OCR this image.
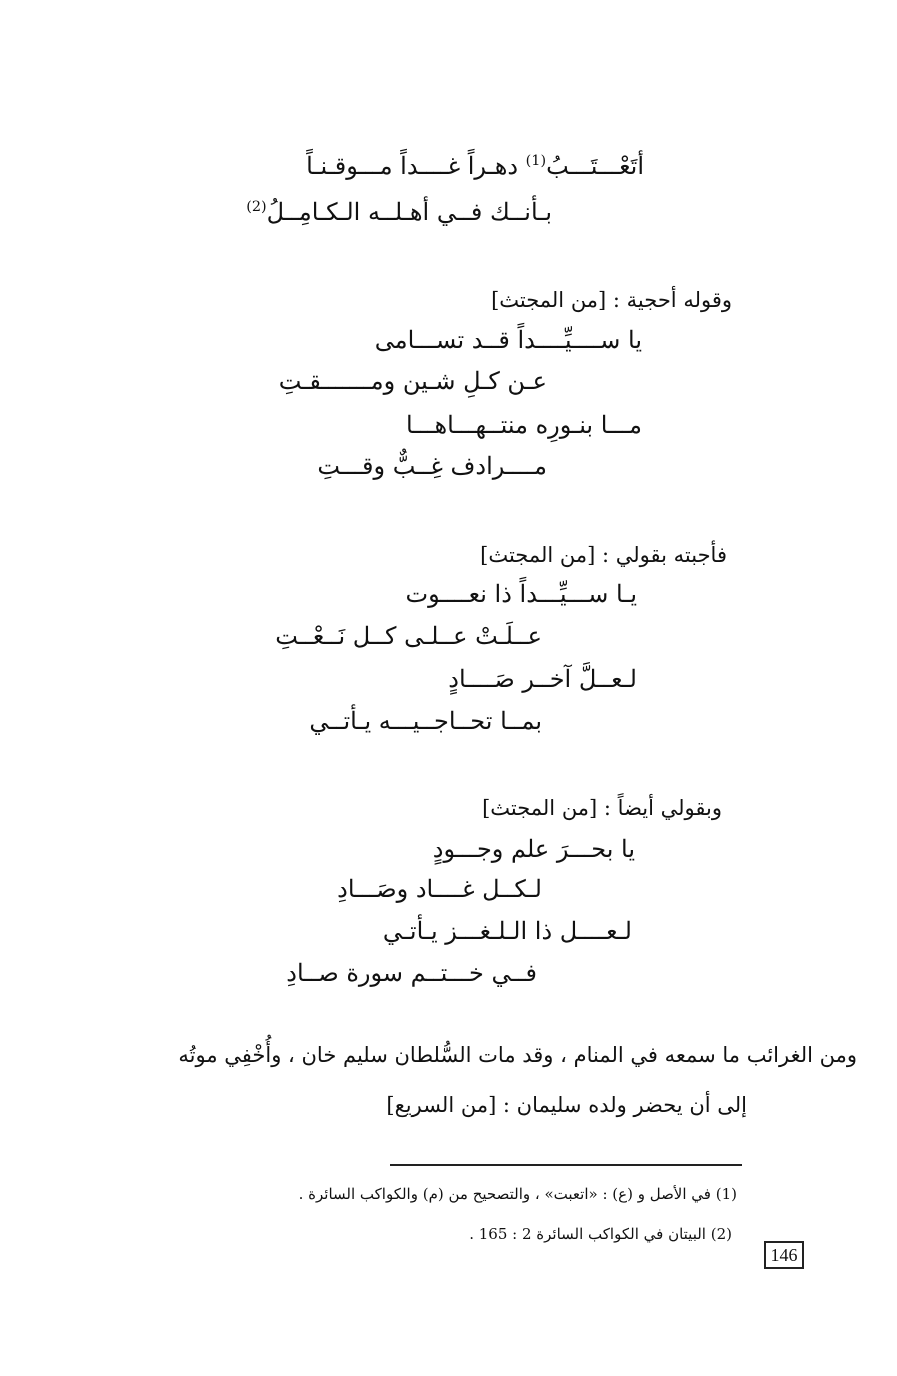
أتَعْـــتَـــبُ$^{(1)}$ دهـراً غــــداً مـــوقـنـاً
بـأنــك فــي أهـلــه الـكـامِــلُ$^{(2)}$
وقوله أحجية : [من المجتث]
يا ســــيِّــــداً قــد تســـامى
عـن كـلِ شـين ومـــــــقـتِ
مـــا بنـورِه منتــهـــاهـــا
مــــرادف غِــبٌّ وقـــتِ
فأجبته بقولي : [من المجتث]
يـا ســـيِّـــداً ذا نعــــوت
عــلَـتْ عــلـى كــل نَــعْــتِ
لـعــلَّ آخــر صَــــادٍ
بمــا تحــاجــيـــه يـأتــي
وبقولي أيضاً : [من المجتث]
يا بحـــرَ علم وجـــودٍ
لـكــل غــــاد وصَـــادِ
لـعــــل ذا الـلـغـــز يـأتـي
فــي خـــتــم سورة صــادِ
ومن الغرائب ما سمعه في المنام ، وقد مات السُّلطان سليم خان ، وأُخْفِي موتُه
إلى أن يحضر ولده سليمان : [من السريع]
(1) في الأصل و (ع) : «اتعبت» ، والتصحيح من (م) والكواكب السائرة .
(2) البيتان في الكواكب السائرة 2 : 165 .
146
